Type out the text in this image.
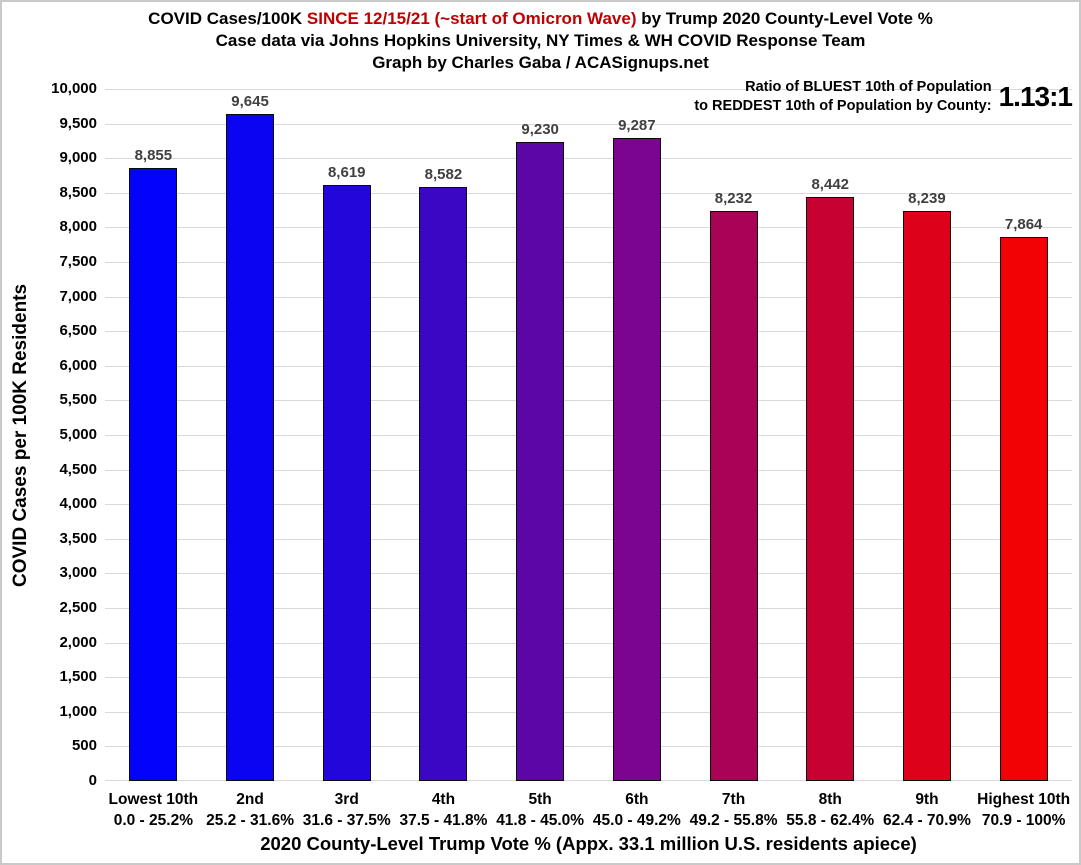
COVID Cases/100K SINCE 12/15/21 (~start of Omicron Wave) by Trump 2020 County-Level Vote %
Case data via Johns Hopkins University, NY Times & WH COVID Response Team
Graph by Charles Gaba / ACASignups.net
COVID Cases per 100K Residents
0
500
1,000
1,500
2,000
2,500
3,000
3,500
4,000
4,500
5,000
5,500
6,000
6,500
7,000
7,500
8,000
8,500
9,000
9,500
10,000
8,855
9,645
8,619	8,582
9,230	9,287
8,232
8,442
8,239
7,864
Ratio of BLUEST 10th of Population
to REDDEST 10th of Population by County: 1.13:1
Lowest 10th
0.0 - 25.2%
2nd
25.2 - 31.6%
3rd
31.6 - 37.5%
4th
37.5 - 41.8%
5th
41.8 - 45.0%
6th
45.0 - 49.2%
7th
49.2 - 55.8%
8th
55.8 - 62.4%
9th
62.4 - 70.9%
Highest 10th
70.9 - 100%
2020 County-Level Trump Vote % (Appx. 33.1 million U.S. residents apiece)
